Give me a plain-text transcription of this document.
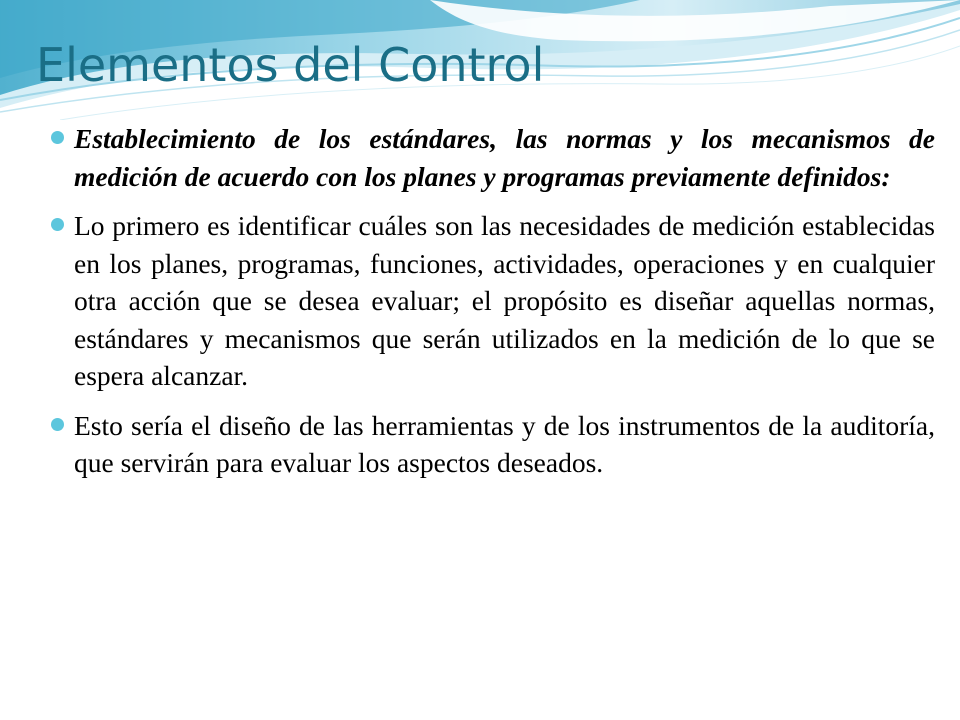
Elementos del Control
Establecimiento de los estándares, las normas y los mecanismos de medición de acuerdo con los planes y programas previamente definidos:
Lo primero es identificar cuáles son las necesidades de medición establecidas en los planes, programas, funciones, actividades, operaciones y en cualquier otra acción que se desea evaluar; el propósito es diseñar aquellas normas, estándares y mecanismos que serán utilizados en la medición de lo que se espera alcanzar.
Esto sería el diseño de las herramientas y de los instrumentos de la auditoría, que servirán para evaluar los aspectos deseados.
